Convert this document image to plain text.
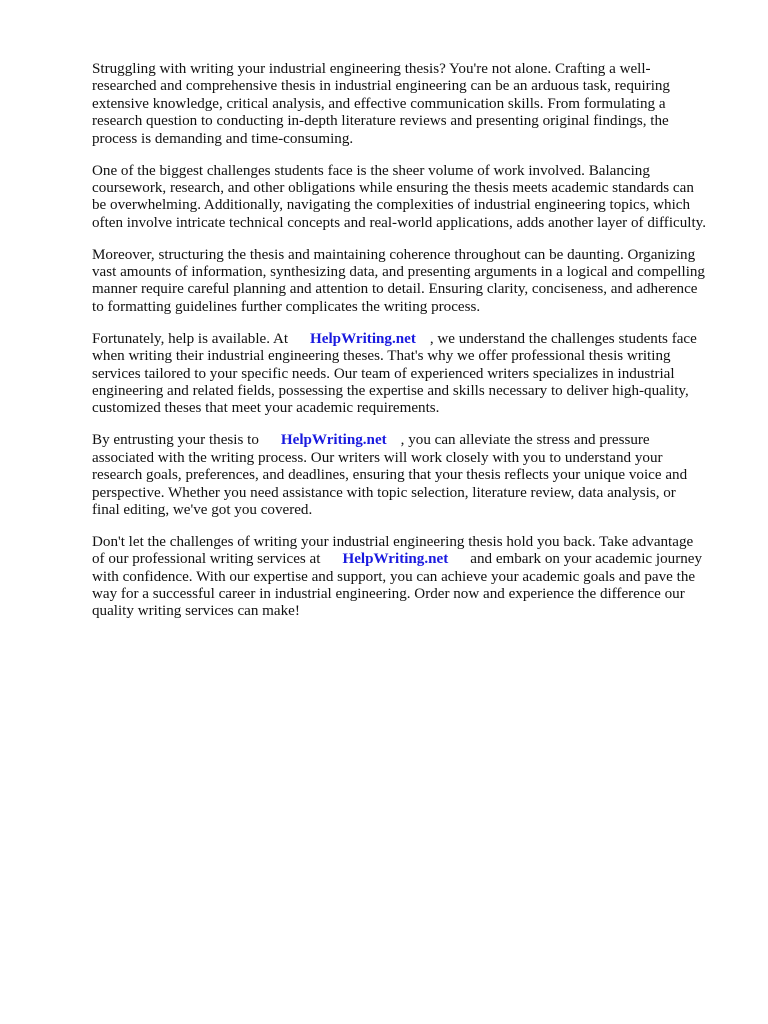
Struggling with writing your industrial engineering thesis? You're not alone. Crafting a well-
researched and comprehensive thesis in industrial engineering can be an arduous task, requiring
extensive knowledge, critical analysis, and effective communication skills. From formulating a
research question to conducting in-depth literature reviews and presenting original findings, the
process is demanding and time-consuming.

One of the biggest challenges students face is the sheer volume of work involved. Balancing
coursework, research, and other obligations while ensuring the thesis meets academic standards can
be overwhelming. Additionally, navigating the complexities of industrial engineering topics, which
often involve intricate technical concepts and real-world applications, adds another layer of difficulty.

Moreover, structuring the thesis and maintaining coherence throughout can be daunting. Organizing
vast amounts of information, synthesizing data, and presenting arguments in a logical and compelling
manner require careful planning and attention to detail. Ensuring clarity, conciseness, and adherence
to formatting guidelines further complicates the writing process.

Fortunately, help is available. At HelpWriting.net , we understand the challenges students face
when writing their industrial engineering theses. That's why we offer professional thesis writing
services tailored to your specific needs. Our team of experienced writers specializes in industrial
engineering and related fields, possessing the expertise and skills necessary to deliver high-quality,
customized theses that meet your academic requirements.

By entrusting your thesis to HelpWriting.net , you can alleviate the stress and pressure
associated with the writing process. Our writers will work closely with you to understand your
research goals, preferences, and deadlines, ensuring that your thesis reflects your unique voice and
perspective. Whether you need assistance with topic selection, literature review, data analysis, or
final editing, we've got you covered.

Don't let the challenges of writing your industrial engineering thesis hold you back. Take advantage
of our professional writing services at HelpWriting.net and embark on your academic journey
with confidence. With our expertise and support, you can achieve your academic goals and pave the
way for a successful career in industrial engineering. Order now and experience the difference our
quality writing services can make!
